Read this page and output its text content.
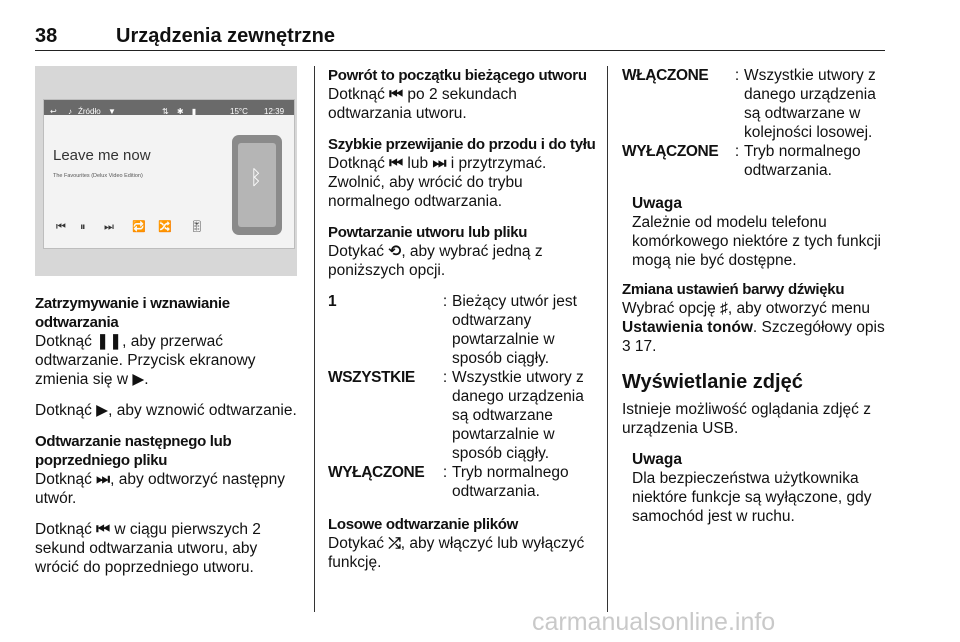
38	Urządzenia zewnętrzne
↩ ♪ Źródło ▼	⇅ ✱ ▮	15°C 12:39
Leave me now
The Favourites (Delux Video Edition)	ᛒ
⏮ ⏸ ⏭ 🔁 🔀 🎚

Zatrzymywanie i wznawianie odtwarzania

Dotknąć ❚❚, aby przerwać odtwarzanie. Przycisk ekranowy zmienia się w ▶.

Dotknąć ▶, aby wznowić odtwarzanie.

Odtwarzanie następnego lub poprzedniego pliku

Dotknąć ⏭, aby odtworzyć następny utwór.

Dotknąć ⏮ w ciągu pierwszych 2 sekund odtwarzania utworu, aby wrócić do poprzedniego utworu.

Powrót to początku bieżącego utworu

Dotknąć ⏮ po 2 sekundach odtwarzania utworu.

Szybkie przewijanie do przodu i do tyłu

Dotknąć ⏮ lub ⏭ i przytrzymać. Zwolnić, aby wrócić do trybu normalnego odtwarzania.

Powtarzanie utworu lub pliku

Dotykać ⟲, aby wybrać jedną z poniższych opcji.

1	: Bieżący utwór jest odtwarzany powtarzalnie w sposób ciągły.
WSZYSTKIE	: Wszystkie utwory z danego urządzenia są odtwarzane powtarzalnie w sposób ciągły.
WYŁĄCZONE	: Tryb normalnego odtwarzania.

Losowe odtwarzanie plików

Dotykać ⤮, aby włączyć lub wyłączyć funkcję.

WŁĄCZONE	: Wszystkie utwory z danego urządzenia są odtwarzane w kolejności losowej.
WYŁĄCZONE	: Tryb normalnego odtwarzania.

Uwaga

Zależnie od modelu telefonu komórkowego niektóre z tych funkcji mogą nie być dostępne.

Zmiana ustawień barwy dźwięku

Wybrać opcję ♯, aby otworzyć menu Ustawienia tonów. Szczegółowy opis 3 17.

Wyświetlanie zdjęć

Istnieje możliwość oglądania zdjęć z urządzenia USB.

Uwaga

Dla bezpieczeństwa użytkownika niektóre funkcje są wyłączone, gdy samochód jest w ruchu.

carmanualsonline.info
